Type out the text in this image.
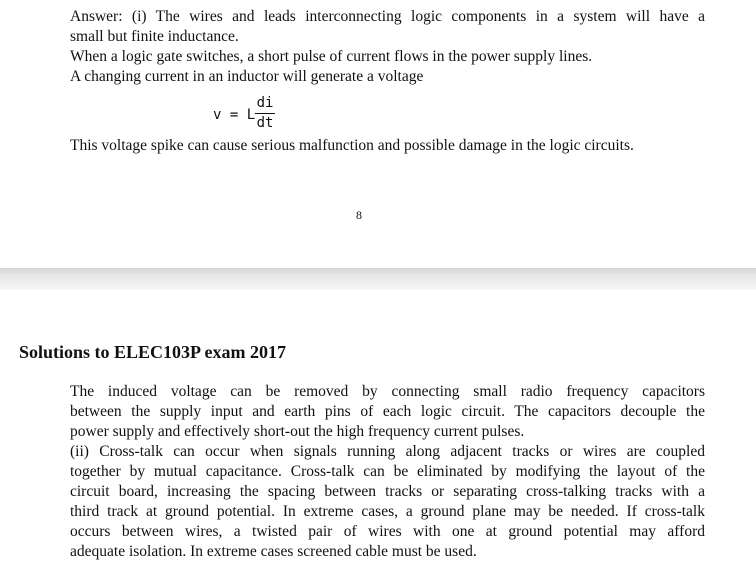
Answer: (i) The wires and leads interconnecting logic components in a system will have a
small but finite inductance.
When a logic gate switches, a short pulse of current flows in the power supply lines.
A changing current in an inductor will generate a voltage
v = L
di
dt
This voltage spike can cause serious malfunction and possible damage in the logic circuits.
8
Solutions to ELEC103P exam 2017
The induced voltage can be removed by connecting small radio frequency capacitors
between the supply input and earth pins of each logic circuit. The capacitors decouple the
power supply and effectively short-out the high frequency current pulses.
(ii) Cross-talk can occur when signals running along adjacent tracks or wires are coupled
together by mutual capacitance. Cross-talk can be eliminated by modifying the layout of the
circuit board, increasing the spacing between tracks or separating cross-talking tracks with a
third track at ground potential. In extreme cases, a ground plane may be needed. If cross-talk
occurs between wires, a twisted pair of wires with one at ground potential may afford
adequate isolation. In extreme cases screened cable must be used.
